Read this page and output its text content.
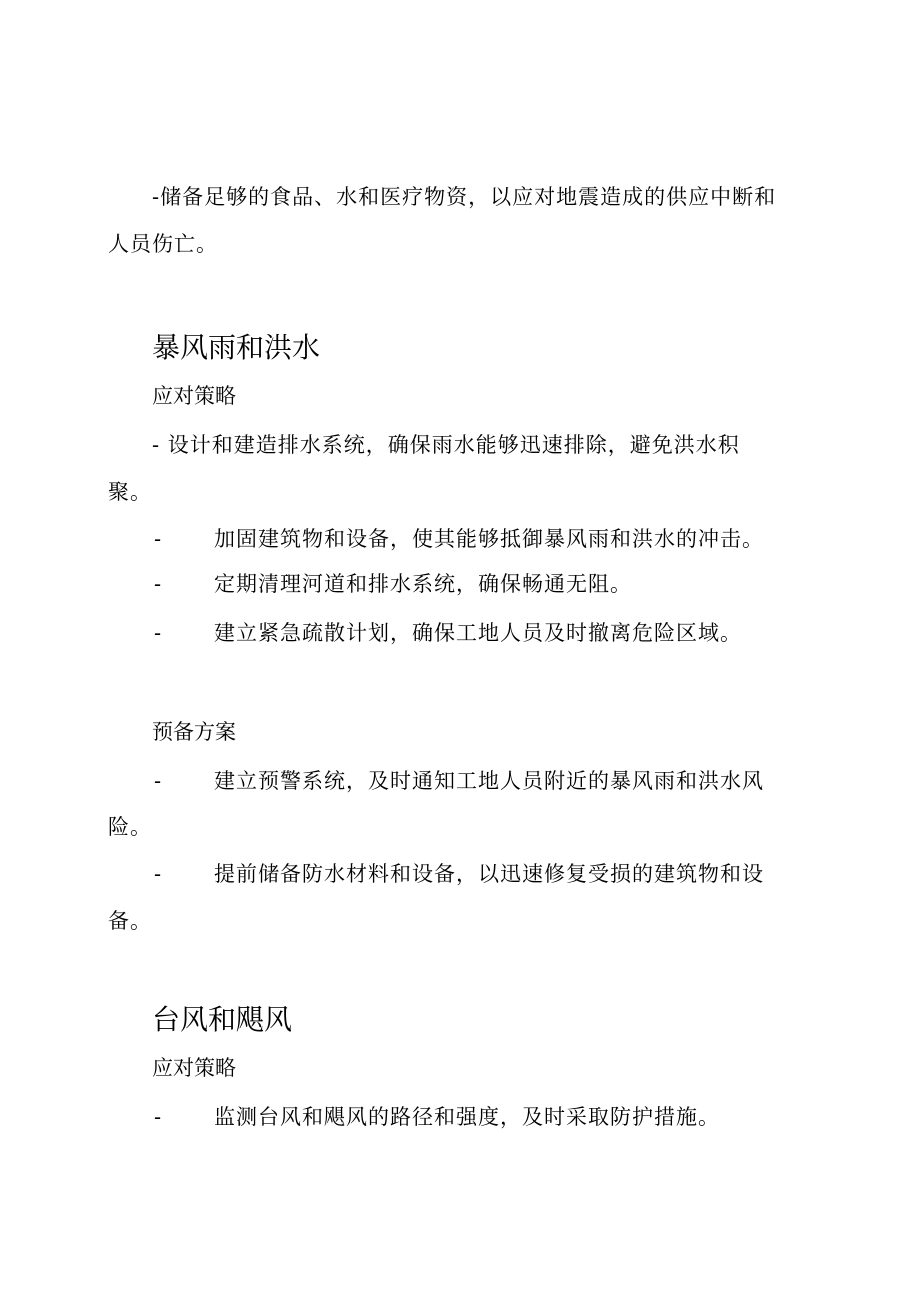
-储备足够的食品、水和医疗物资，以应对地震造成的供应中断和
人员伤亡。
暴风雨和洪水
应对策略
- 设计和建造排水系统，确保雨水能够迅速排除，避免洪水积
聚。
-	加固建筑物和设备，使其能够抵御暴风雨和洪水的冲击。
-	定期清理河道和排水系统，确保畅通无阻。
-	建立紧急疏散计划，确保工地人员及时撤离危险区域。
预备方案
-	建立预警系统，及时通知工地人员附近的暴风雨和洪水风
险。
-	提前储备防水材料和设备，以迅速修复受损的建筑物和设
备。
台风和飓风
应对策略
-	监测台风和飓风的路径和强度，及时采取防护措施。
